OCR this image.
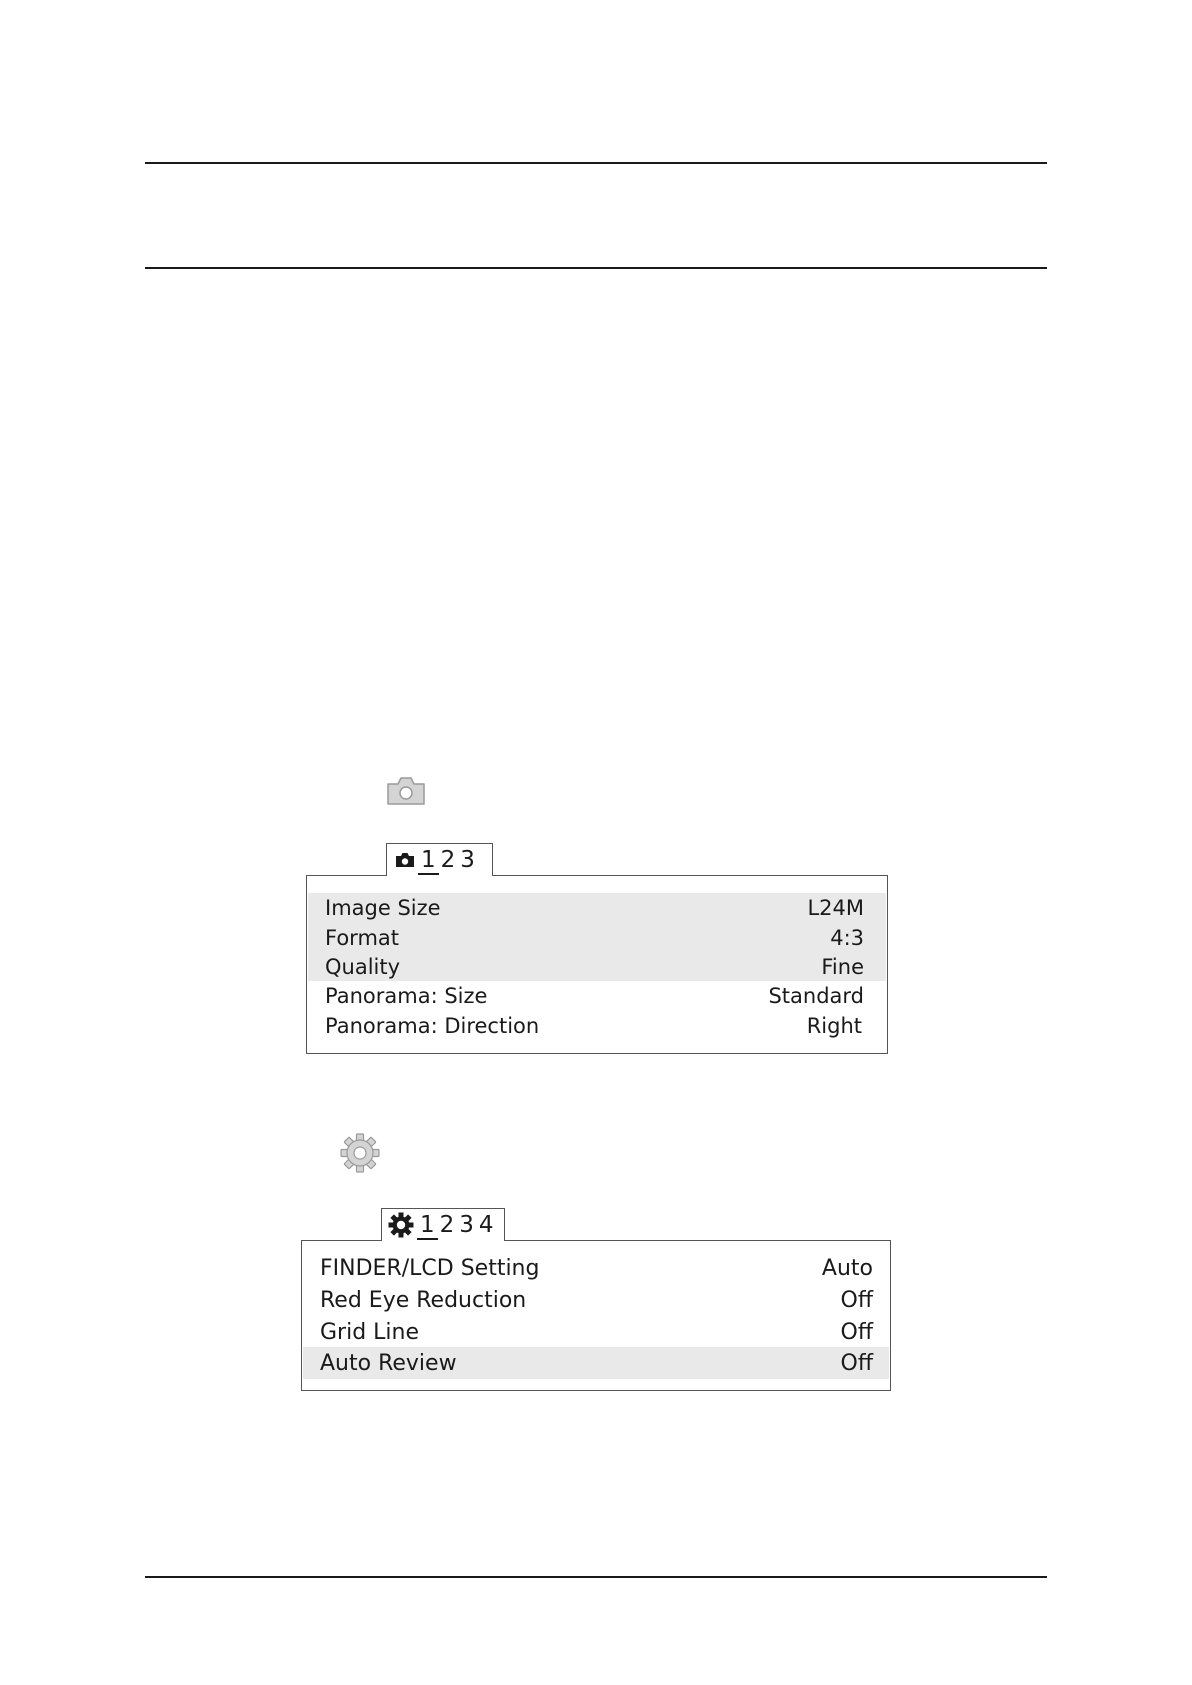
1 2 3
Image Size	L24M
Format	4:3
Quality	Fine
Panorama: Size	Standard
Panorama: Direction	Right
1 2 3 4
FINDER/LCD Setting	Auto
Red Eye Reduction	Off
Grid Line	Off
Auto Review	Off
